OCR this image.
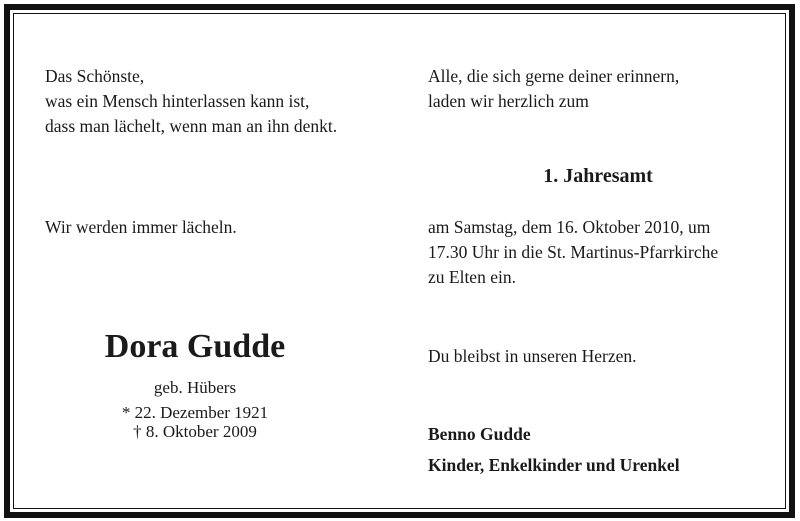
Das Schönste,
was ein Mensch hinterlassen kann ist,
dass man lächelt, wenn man an ihn denkt.
Wir werden immer lächeln.
Dora Gudde
geb. Hübers
* 22. Dezember 1921
† 8. Oktober 2009
Alle, die sich gerne deiner erinnern,
laden wir herzlich zum
1. Jahresamt
am Samstag, dem 16. Oktober 2010, um
17.30 Uhr in die St. Martinus-Pfarrkirche
zu Elten ein.
Du bleibst in unseren Herzen.
Benno Gudde
Kinder, Enkelkinder und Urenkel
